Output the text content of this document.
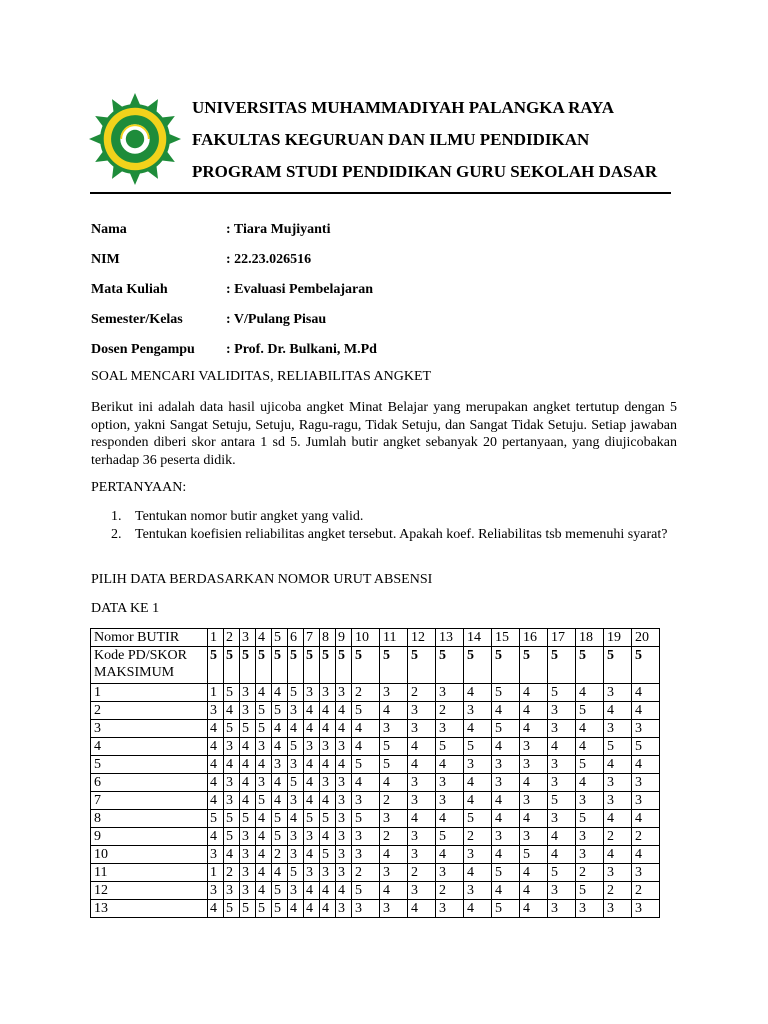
UNIVERSITAS MUHAMMADIYAH PALANGKA RAYA
FAKULTAS KEGURUAN DAN ILMU PENDIDIKAN
PROGRAM STUDI PENDIDIKAN GURU SEKOLAH DASAR
Nama	: Tiara Mujiyanti
NIM	: 22.23.026516
Mata Kuliah	: Evaluasi Pembelajaran
Semester/Kelas	: V/Pulang Pisau
Dosen Pengampu : Prof. Dr. Bulkani, M.Pd
SOAL MENCARI VALIDITAS, RELIABILITAS ANGKET
Berikut ini adalah data hasil ujicoba angket Minat Belajar yang merupakan angket tertutup dengan 5 option, yakni Sangat Setuju, Setuju, Ragu-ragu, Tidak Setuju, dan Sangat Tidak Setuju. Setiap jawaban responden diberi skor antara 1 sd 5. Jumlah butir angket sebanyak 20 pertanyaan, yang diujicobakan terhadap 36 peserta didik.
PERTANYAAN:
1. Tentukan nomor butir angket yang valid.
2. Tentukan koefisien reliabilitas angket tersebut. Apakah koef. Reliabilitas tsb memenuhi syarat?
PILIH DATA BERDASARKAN NOMOR URUT ABSENSI
DATA KE 1
Nomor BUTIR	1	2	3	4	5	6	7	8	9	10	11	12	13	14	15	16	17	18	19	20
Kode PD/SKOR MAKSIMUM	5	5	5	5	5	5	5	5	5	5	5	5	5	5	5	5	5	5	5	5
1	1	5	3	4	4	5	3	3	3	2	3	2	3	4	5	4	5	4	3	4
2	3	4	3	5	5	3	4	4	4	5	4	3	2	3	4	4	3	5	4	4
3	4	5	5	5	4	4	4	4	4	4	3	3	3	4	5	4	3	4	3	3
4	4	3	4	3	4	5	3	3	3	4	5	4	5	5	4	3	4	4	5	5
5	4	4	4	4	3	3	4	4	4	5	5	4	4	3	3	3	3	5	4	4
6	4	3	4	3	4	5	4	3	3	4	4	3	3	4	3	4	3	4	3	3
7	4	3	4	5	4	3	4	4	3	3	2	3	3	4	4	3	5	3	3	3
8	5	5	5	4	5	4	5	5	3	5	3	4	4	5	4	4	3	5	4	4
9	4	5	3	4	5	3	3	4	3	3	2	3	5	2	3	3	4	3	2	2
10	3	4	3	4	2	3	4	5	3	3	4	3	4	3	4	5	4	3	4	4
11	1	2	3	4	4	5	3	3	3	2	3	2	3	4	5	4	5	2	3	3
12	3	3	3	4	5	3	4	4	4	5	4	3	2	3	4	4	3	5	2	2
13	4	5	5	5	5	4	4	4	3	3	3	4	3	4	5	4	3	3	3	3
